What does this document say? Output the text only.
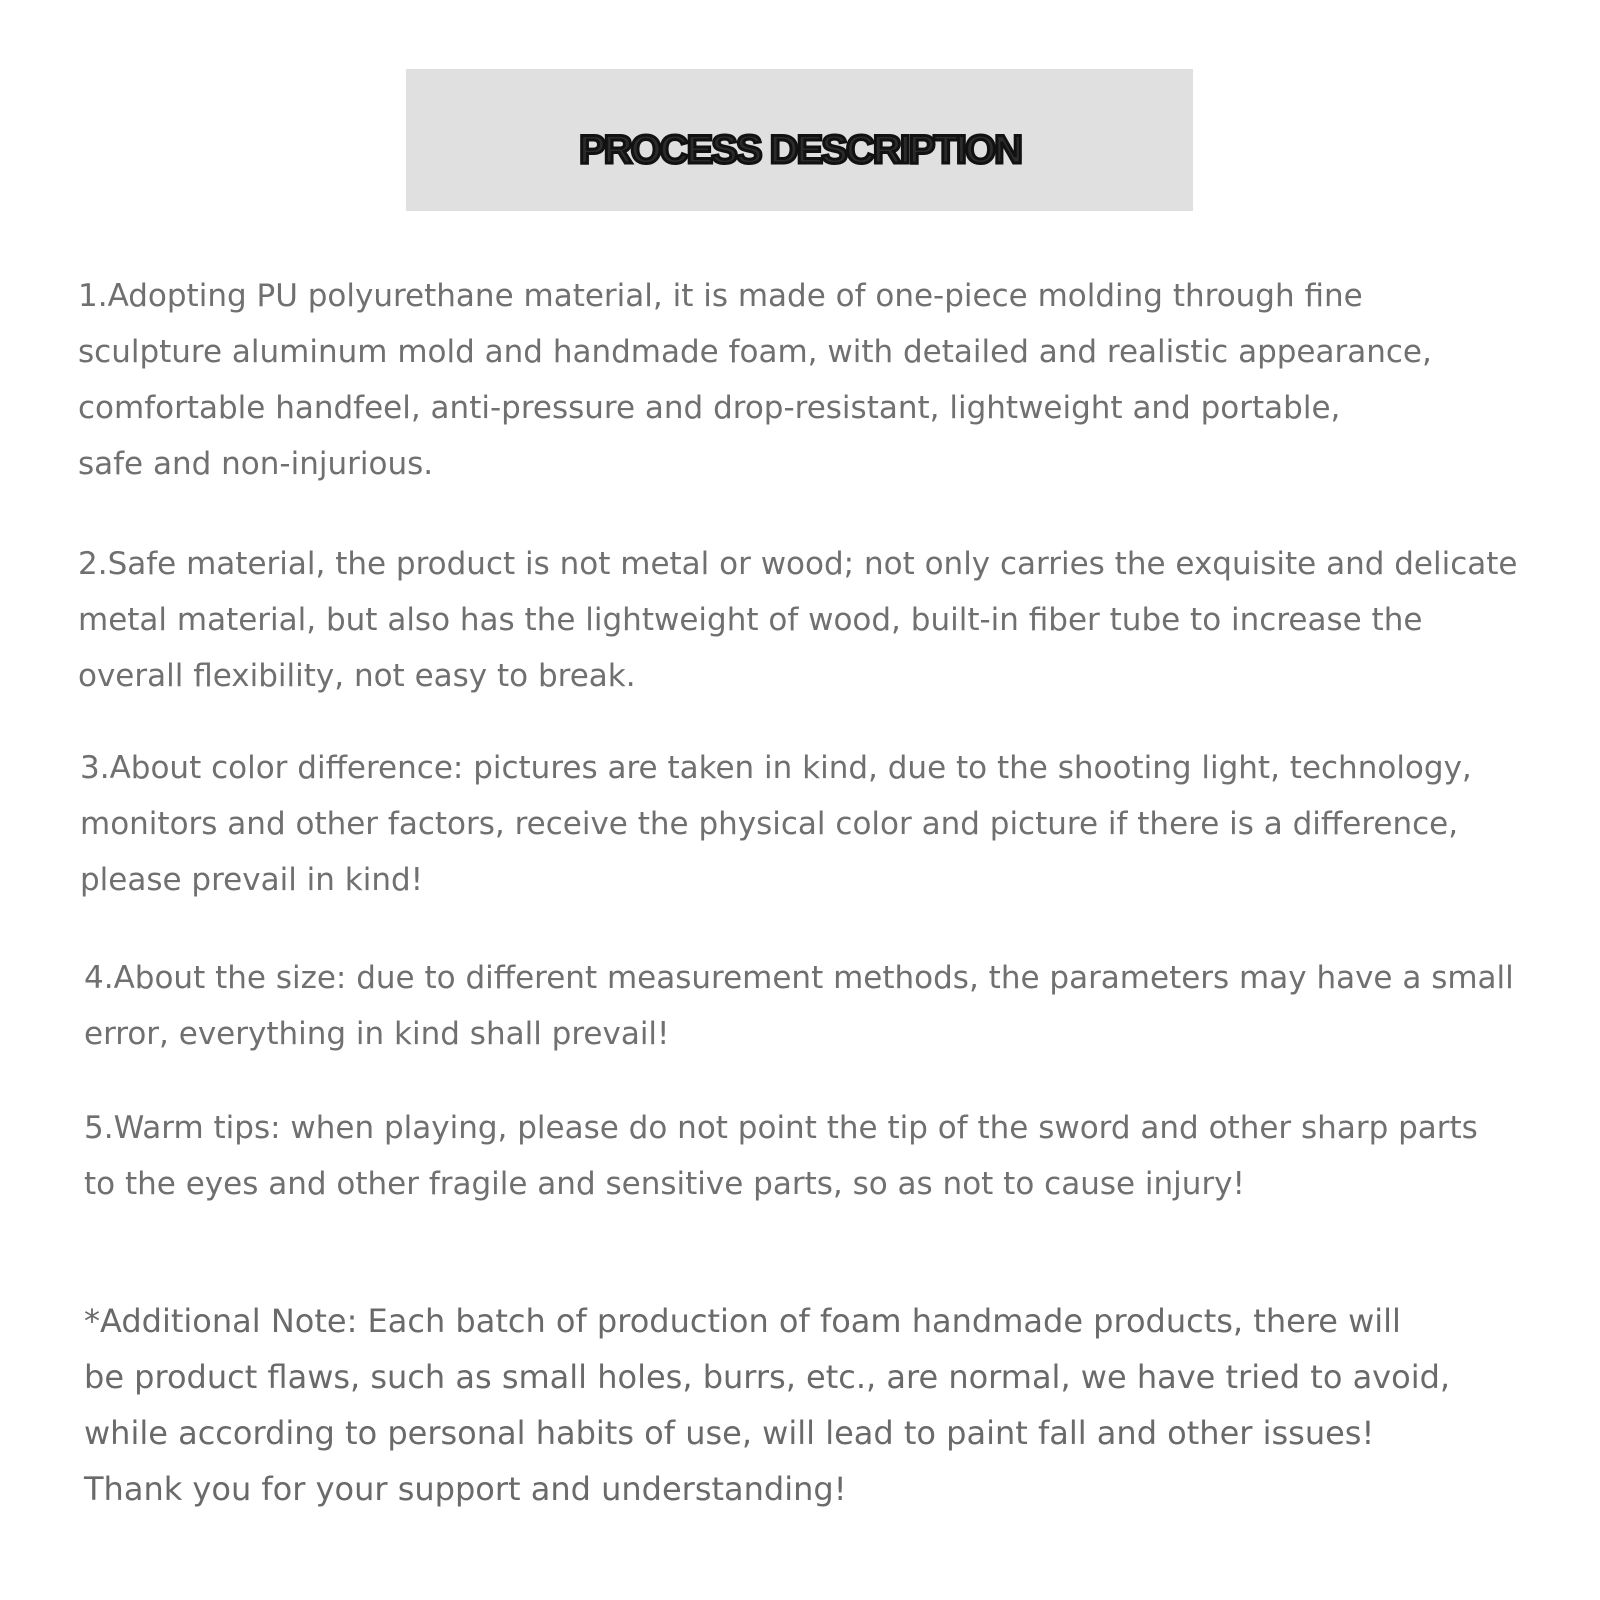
PROCESS DESCRIPTION
1.Adopting PU polyurethane material, it is made of one-piece molding through fine
sculpture aluminum mold and handmade foam, with detailed and realistic appearance,
comfortable handfeel, anti-pressure and drop-resistant, lightweight and portable,
safe and non-injurious.
2.Safe material, the product is not metal or wood; not only carries the exquisite and delicate
metal material, but also has the lightweight of wood, built-in fiber tube to increase the
overall flexibility, not easy to break.
3.About color difference: pictures are taken in kind, due to the shooting light, technology,
monitors and other factors, receive the physical color and picture if there is a difference,
please prevail in kind!
4.About the size: due to different measurement methods, the parameters may have a small
error, everything in kind shall prevail!
5.Warm tips: when playing, please do not point the tip of the sword and other sharp parts
to the eyes and other fragile and sensitive parts, so as not to cause injury!
*Additional Note: Each batch of production of foam handmade products, there will
be product flaws, such as small holes, burrs, etc., are normal, we have tried to avoid,
while according to personal habits of use, will lead to paint fall and other issues!
Thank you for your support and understanding!
